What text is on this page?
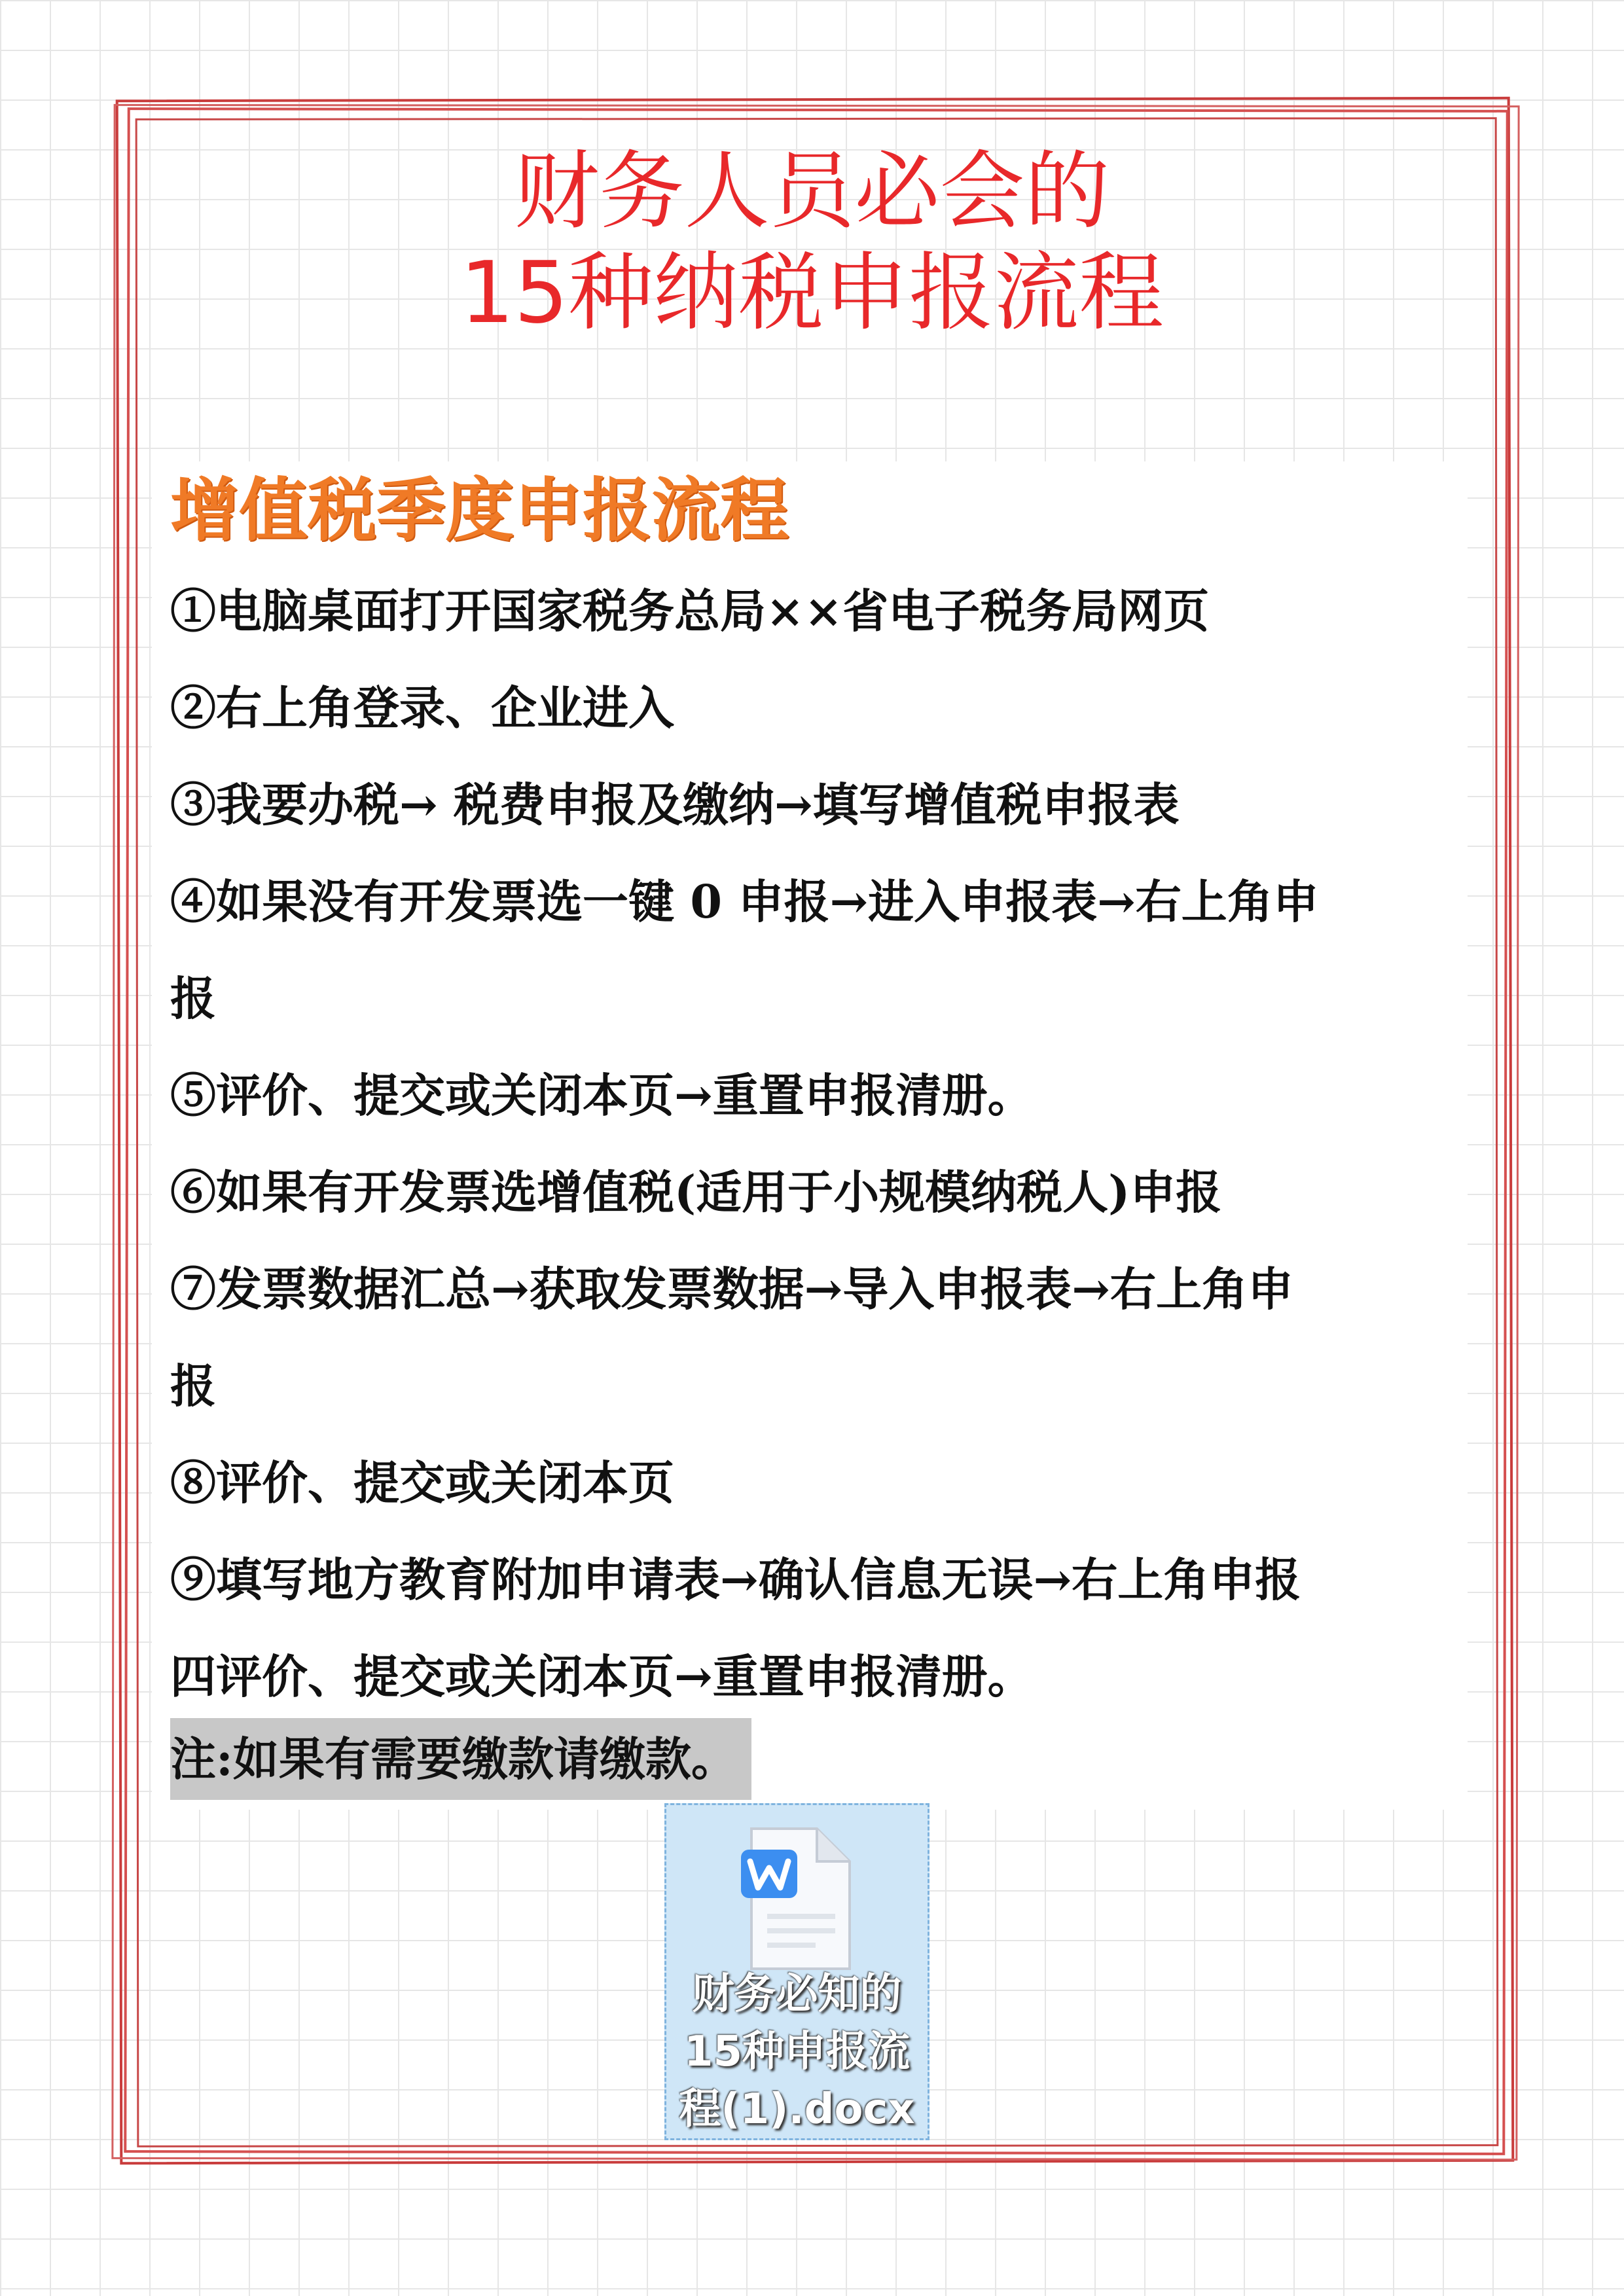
财务人员必会的
15种纳税申报流程
增值税季度申报流程
①电脑桌面打开国家税务总局××省电子税务局网页
②右上角登录、企业进入
③我要办税→ 税费申报及缴纳→填写增值税申报表
④如果没有开发票选一键 0 申报→进入申报表→右上角申
报
⑤评价、提交或关闭本页→重置申报清册。
⑥如果有开发票选增值税(适用于小规模纳税人)申报
⑦发票数据汇总→获取发票数据→导入申报表→右上角申
报
⑧评价、提交或关闭本页
⑨填写地方教育附加申请表→确认信息无误→右上角申报
四评价、提交或关闭本页→重置申报清册。
注:如果有需要缴款请缴款。
财务必知的
15种申报流
程(1).docx
